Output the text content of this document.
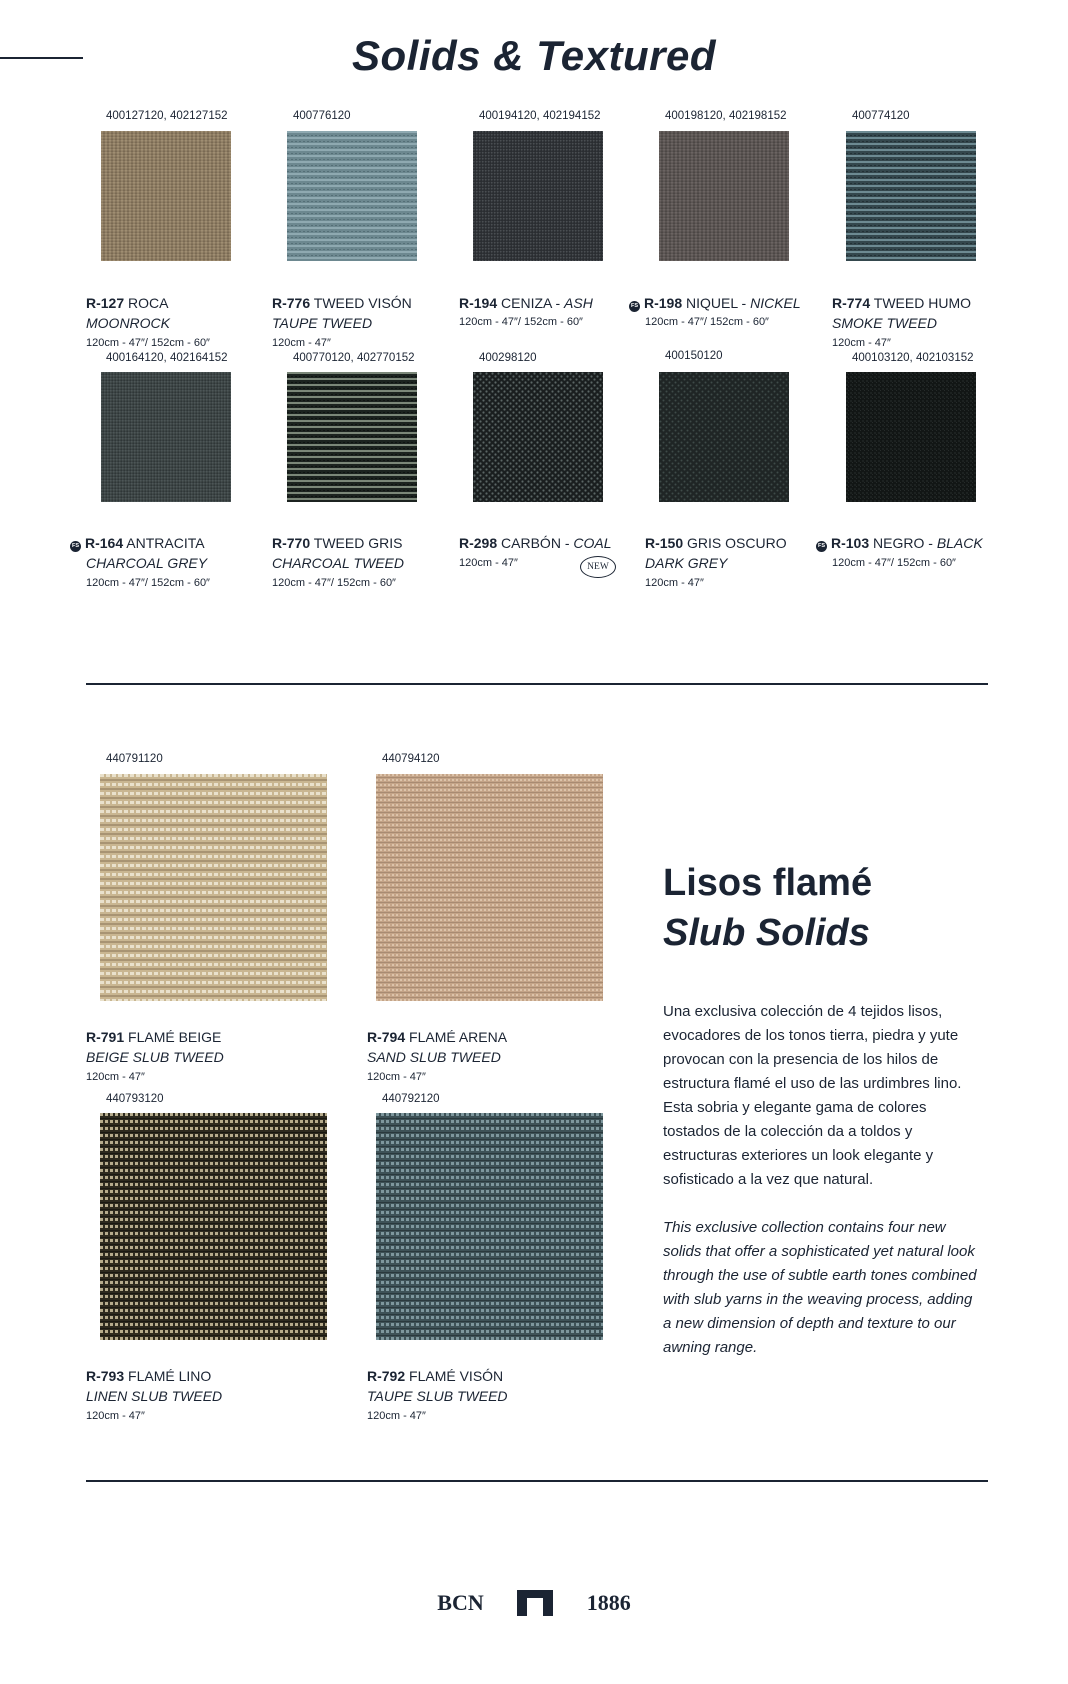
Solids & Textured
400127120, 402127152
R-127 ROCA
MOONROCK
120cm - 47″/ 152cm - 60″
400776120
R-776 TWEED VISÓN
TAUPE TWEED
120cm - 47″
400194120, 402194152
R-194 CENIZA - ASH
120cm - 47″/ 152cm - 60″
400198120, 402198152
FS R-198 NIQUEL - NICKEL
120cm - 47″/ 152cm - 60″
400774120
R-774 TWEED HUMO
SMOKE TWEED
120cm - 47″
400164120, 402164152
FS R-164 ANTRACITA
CHARCOAL GREY
120cm - 47″/ 152cm - 60″
400770120, 402770152
R-770 TWEED GRIS
CHARCOAL TWEED
120cm - 47″/ 152cm - 60″
400298120
R-298 CARBÓN - COAL
120cm - 47″	NEW
400150120
R-150 GRIS OSCURO
DARK GREY
120cm - 47″
400103120, 402103152
FS R-103 NEGRO - BLACK
120cm - 47″/ 152cm - 60″
440791120
R-791 FLAMÉ BEIGE
BEIGE SLUB TWEED
120cm - 47″
440794120
R-794 FLAMÉ ARENA
SAND SLUB TWEED
120cm - 47″
440793120
R-793 FLAMÉ LINO
LINEN SLUB TWEED
120cm - 47″
440792120
R-792 FLAMÉ VISÓN
TAUPE SLUB TWEED
120cm - 47″
Lisos flamé
Slub Solids
Una exclusiva colección de 4 tejidos lisos, evocadores de los tonos tierra, piedra y yute provocan con la presencia de los hilos de estructura flamé el uso de las urdimbres lino. Esta sobria y elegante gama de colores tostados de la colección da a toldos y estructuras exteriores un look elegante y sofisticado a la vez que natural.
This exclusive collection contains four new solids that offer a sophisticated yet natural look through the use of subtle earth tones combined with slub yarns in the weaving process, adding a new dimension of depth and texture to our awning range.
BCN	1886
